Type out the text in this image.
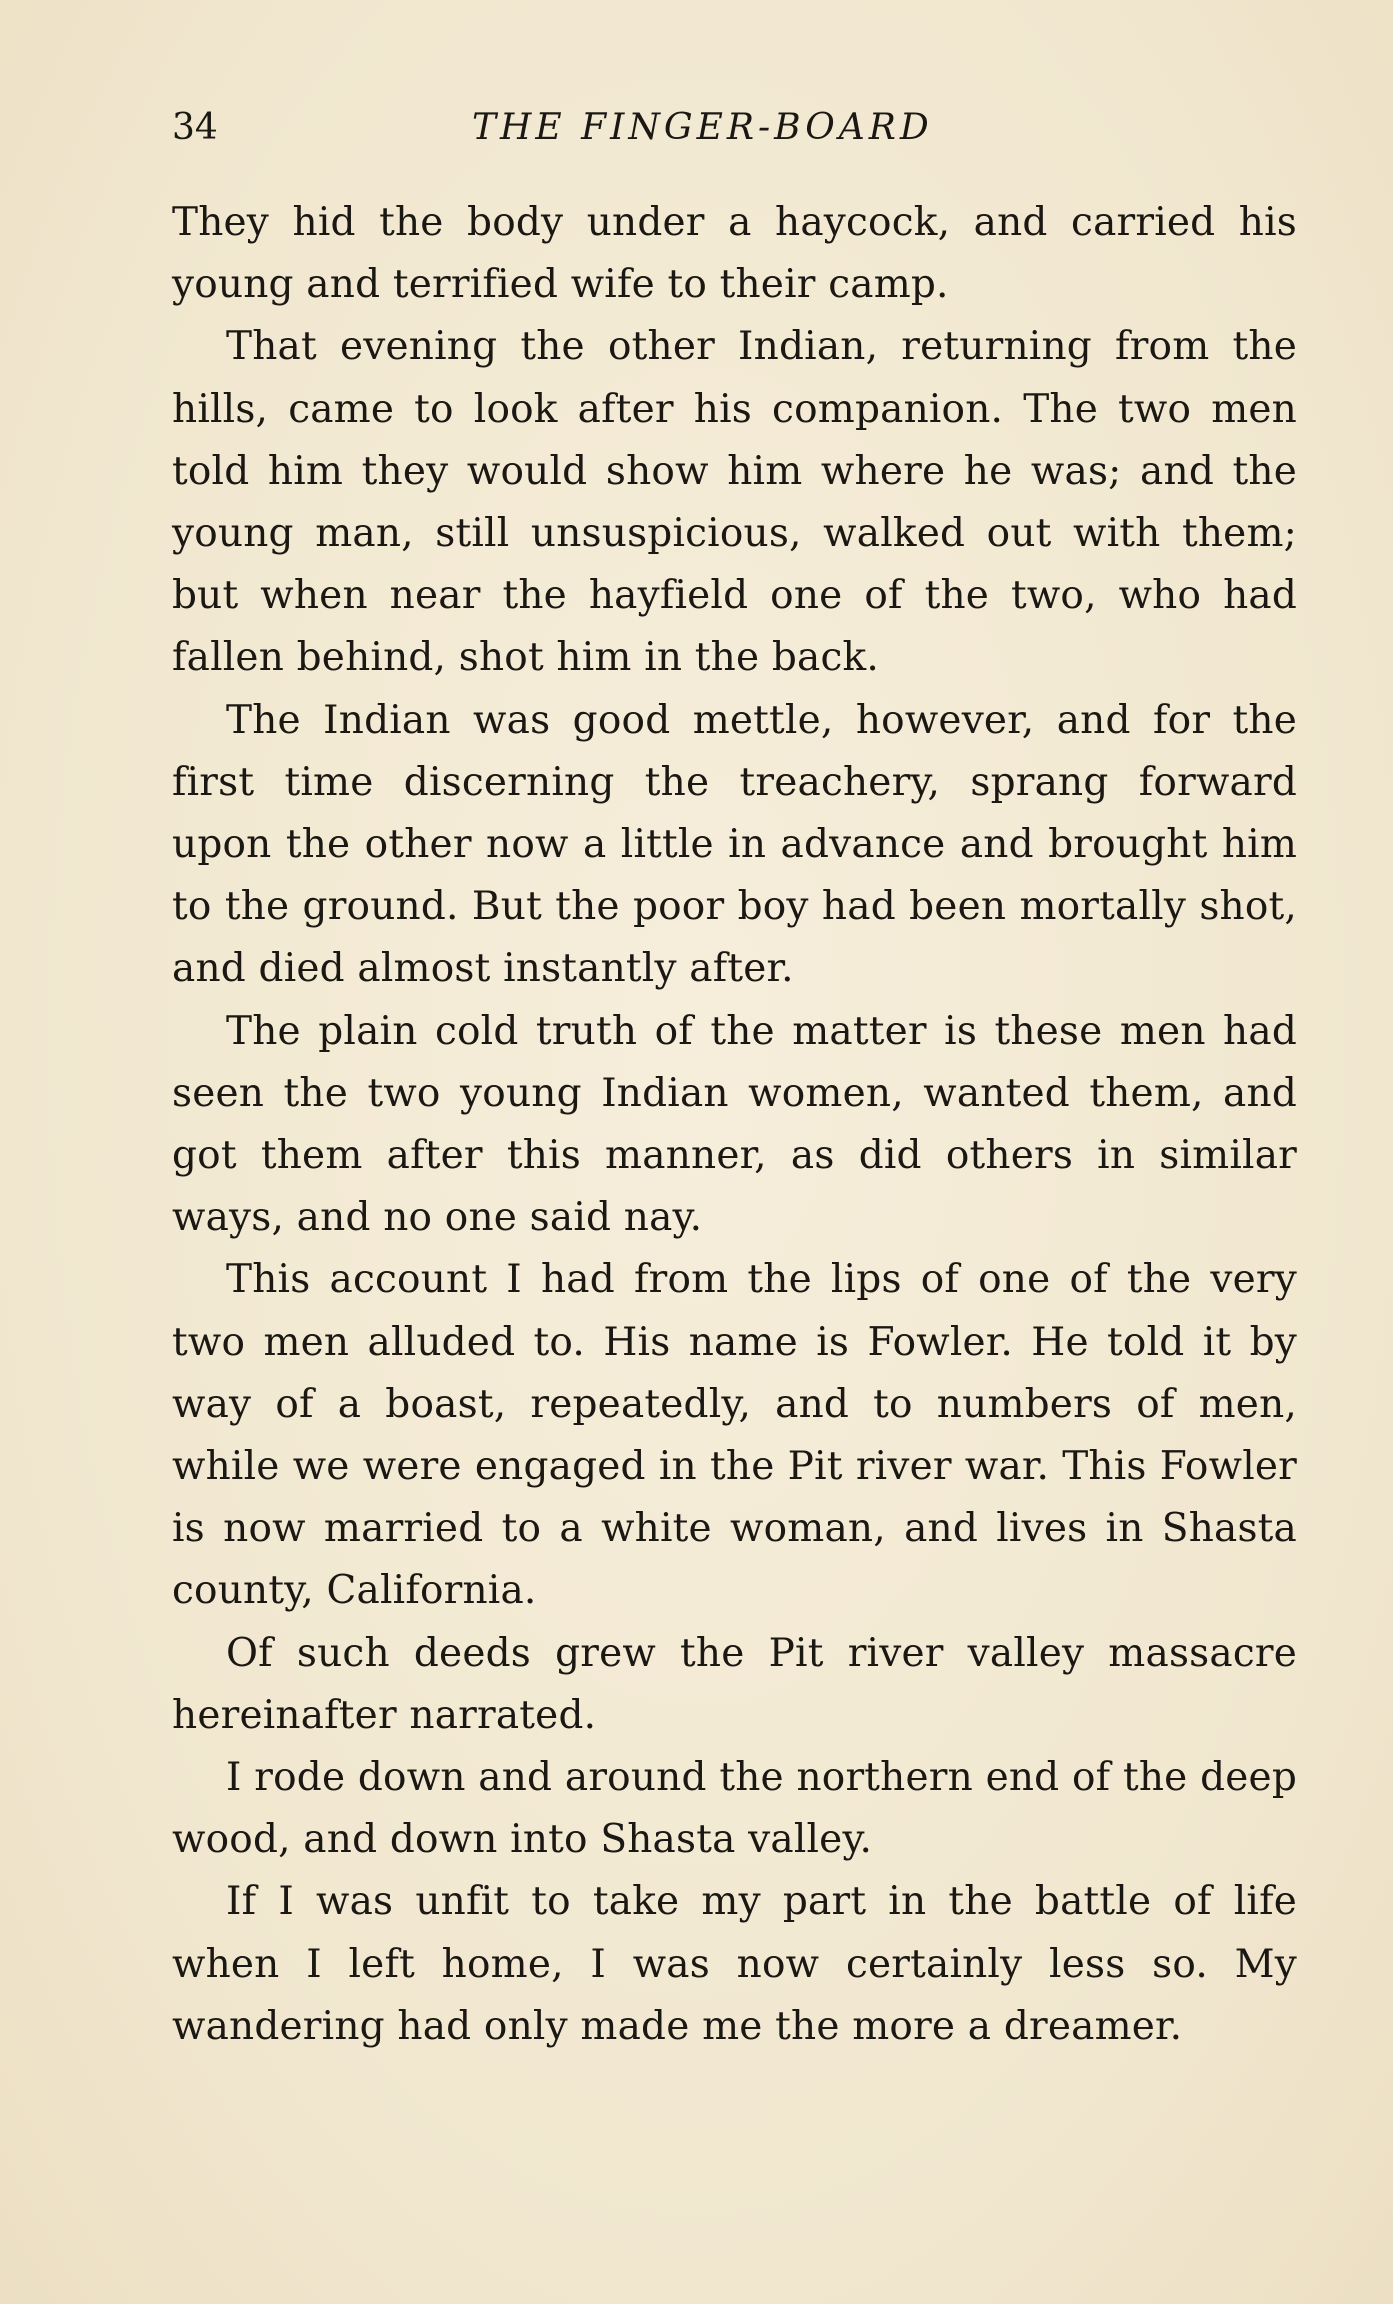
34	THE FINGER-BOARD

They hid the body under a haycock, and carried his young and terrified wife to their camp.

That evening the other Indian, returning from the hills, came to look after his companion. The two men told him they would show him where he was; and the young man, still unsuspicious, walked out with them; but when near the hayfield one of the two, who had fallen behind, shot him in the back.

The Indian was good mettle, however, and for the first time discerning the treachery, sprang forward upon the other now a little in advance and brought him to the ground. But the poor boy had been mortally shot, and died almost instantly after.

The plain cold truth of the matter is these men had seen the two young Indian women, wanted them, and got them after this manner, as did others in similar ways, and no one said nay.

This account I had from the lips of one of the very two men alluded to. His name is Fowler. He told it by way of a boast, repeatedly, and to numbers of men, while we were engaged in the Pit river war. This Fowler is now married to a white woman, and lives in Shasta county, California.

Of such deeds grew the Pit river valley massacre hereinafter narrated.

I rode down and around the northern end of the deep wood, and down into Shasta valley.

If I was unfit to take my part in the battle of life when I left home, I was now certainly less so. My wandering had only made me the more a dreamer.
